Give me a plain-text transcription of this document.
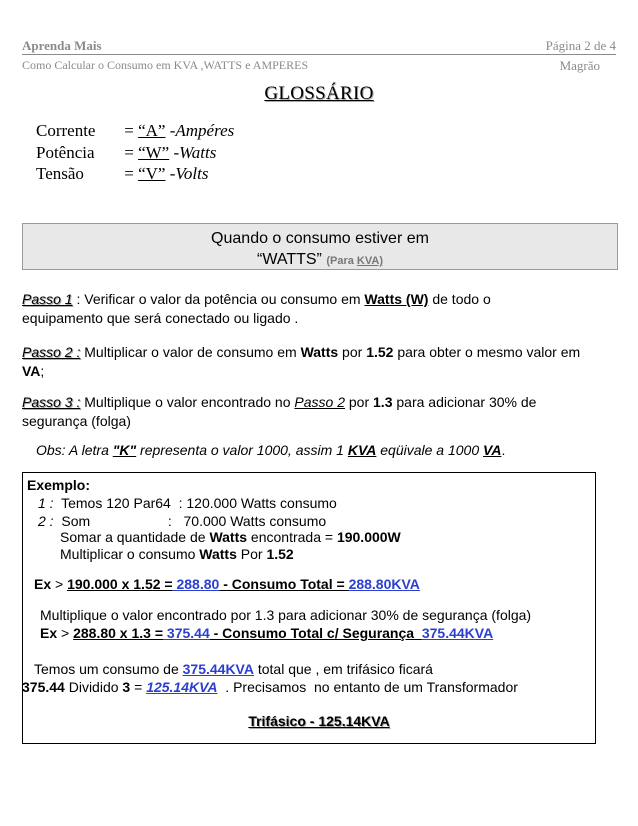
Aprenda Mais	Página 2 de 4
Como Calcular o Consumo em KVA ,WATTS e AMPERES	Magrão
GLOSSÁRIO
Corrente = “A” -Ampéres
Potência = “W” -Watts
Tensão = “V” -Volts
Quando o consumo estiver em
“WATTS” (Para KVA)
Passo 1 : Verificar o valor da potência ou consumo em Watts (W) de todo o
equipamento que será conectado ou ligado .
Passo 2 : Multiplicar o valor de consumo em Watts por 1.52 para obter o mesmo valor em
VA;
Passo 3 : Multiplique o valor encontrado no Passo 2 por 1.3 para adicionar 30% de
segurança (folga)
Obs: A letra "K" representa o valor 1000, assim 1 KVA eqüivale a 1000 VA.
Exemplo:
1 :  Temos 120 Par64  : 120.000 Watts consumo
2 :  Som                    :   70.000 Watts consumo
Somar a quantidade de Watts encontrada = 190.000W
Multiplicar o consumo Watts Por 1.52
Ex > 190.000 x 1.52 = 288.80 - Consumo Total = 288.80KVA
Multiplique o valor encontrado por 1.3 para adicionar 30% de segurança (folga)
Ex > 288.80 x 1.3 = 375.44 - Consumo Total c/ Segurança  375.44KVA
Temos um consumo de 375.44KVA total que , em trifásico ficará
375.44 Dividido 3 = 125.14KVA  . Precisamos  no entanto de um Transformador
Trifásico - 125.14KVA
